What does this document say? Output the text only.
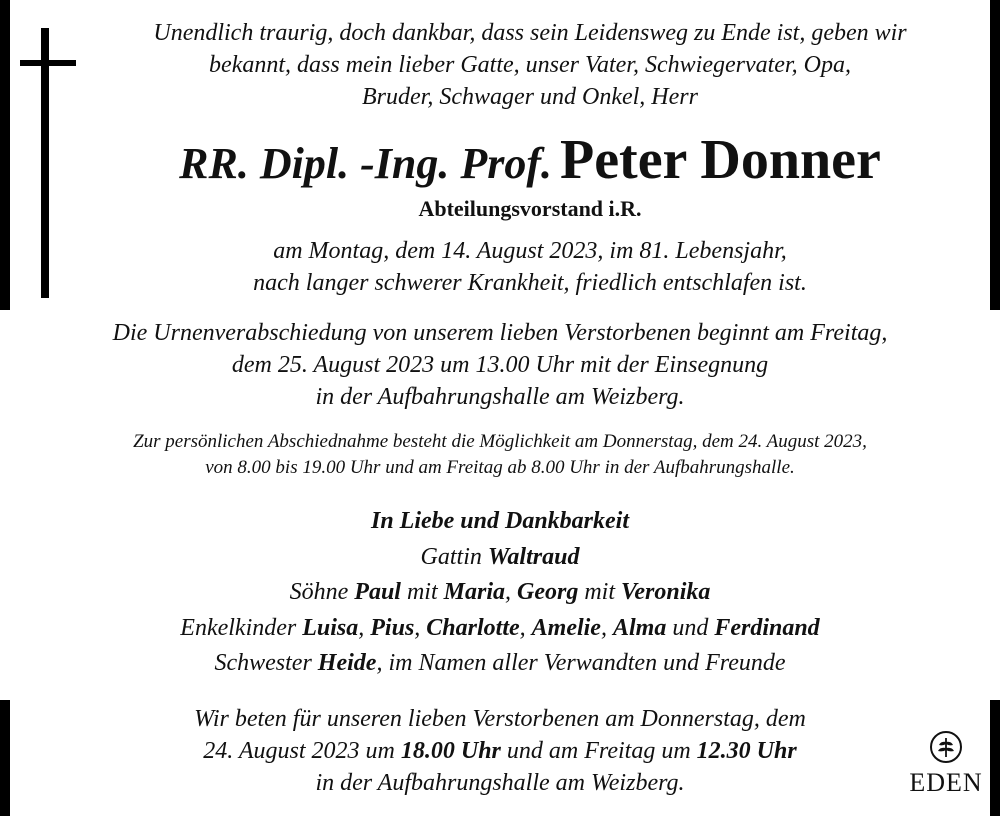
Unendlich traurig, doch dankbar, dass sein Leidensweg zu Ende ist, geben wir
bekannt, dass mein lieber Gatte, unser Vater, Schwiegervater, Opa,
Bruder, Schwager und Onkel, Herr
RR. Dipl. -Ing. Prof. Peter Donner
Abteilungsvorstand i.R.
am Montag, dem 14. August 2023, im 81. Lebensjahr,
nach langer schwerer Krankheit, friedlich entschlafen ist.
Die Urnenverabschiedung von unserem lieben Verstorbenen beginnt am Freitag,
dem 25. August 2023 um 13.00 Uhr mit der Einsegnung
in der Aufbahrungshalle am Weizberg.
Zur persönlichen Abschiednahme besteht die Möglichkeit am Donnerstag, dem 24. August 2023,
von 8.00 bis 19.00 Uhr und am Freitag ab 8.00 Uhr in der Aufbahrungshalle.
In Liebe und Dankbarkeit
Gattin Waltraud
Söhne Paul mit Maria, Georg mit Veronika
Enkelkinder Luisa, Pius, Charlotte, Amelie, Alma und Ferdinand
Schwester Heide, im Namen aller Verwandten und Freunde
Wir beten für unseren lieben Verstorbenen am Donnerstag, dem
24. August 2023 um 18.00 Uhr und am Freitag um 12.30 Uhr
in der Aufbahrungshalle am Weizberg.	EDEN
